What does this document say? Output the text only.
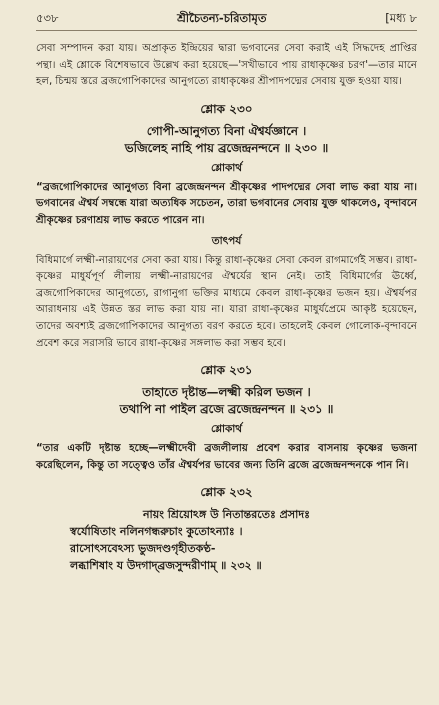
৫৩৮	শ্রীচৈতন্য-চরিতামৃত	[মধ্য ৮

সেবা সম্পাদন করা যায়। অপ্রাকৃত ইন্দ্রিয়ের দ্বারা ভগবানের সেবা করাই এই সিদ্ধদেহ প্রাপ্তির পন্থা। এই শ্লোকে বিশেষভাবে উল্লেখ করা হয়েছে—'সখীভাবে পায় রাধাকৃষ্ণের চরণ'—তার মানে হল, চিন্ময় স্তরে ব্রজগোপিকাদের আনুগত্যে রাধাকৃষ্ণের শ্রীপাদপদ্মের সেবায় যুক্ত হওয়া যায়।

শ্লোক ২৩০

গোপী-আনুগত্য বিনা ঐশ্বর্যজ্ঞানে ।

ভজিলেহ নাহি পায় ব্রজেন্দ্রনন্দনে ॥ ২৩০ ॥

শ্লোকার্থ

“ব্রজগোপিকাদের আনুগত্য বিনা ব্রজেন্দ্রনন্দন শ্রীকৃষ্ণের পাদপদ্মের সেবা লাভ করা যায় না। ভগবানের ঐশ্বর্য সম্বন্ধে যারা অত্যধিক সচেতন, তারা ভগবানের সেবায় যুক্ত থাকলেও, বৃন্দাবনে শ্রীকৃষ্ণের চরণাশ্রয় লাভ করতে পারেন না।

তাৎপর্য

বিধিমার্গে লক্ষ্মী-নারায়ণের সেবা করা যায়। কিন্তু রাধা-কৃষ্ণের সেবা কেবল রাগমার্গেই সম্ভব। রাধা-কৃষ্ণের মাধুর্যপূর্ণ লীলায় লক্ষ্মী-নারায়ণের ঐশ্বর্যের স্থান নেই। তাই বিধিমার্গের ঊর্ধ্বে, ব্রজগোপিকাদের আনুগত্যে, রাগানুগা ভক্তির মাধ্যমে কেবল রাধা-কৃষ্ণের ভজন হয়। ঐশ্বর্যপর আরাধনায় এই উন্নত স্তর লাভ করা যায় না। যারা রাধা-কৃষ্ণের মাধুর্যপ্রেমে আকৃষ্ট হয়েছেন, তাদের অবশ্যই ব্রজগোপিকাদের আনুগত্য বরণ করতে হবে। তাহলেই কেবল গোলোক-বৃন্দাবনে প্রবেশ করে সরাসরি ভাবে রাধা-কৃষ্ণের সঙ্গলাভ করা সম্ভব হবে।

শ্লোক ২৩১

তাহাতে দৃষ্টান্ত—লক্ষ্মী করিল ভজন ।

তথাপি না পাইল ব্রজে ব্রজেন্দ্রনন্দন ॥ ২৩১ ॥

শ্লোকার্থ

“তার একটি দৃষ্টান্ত হচ্ছে—লক্ষ্মীদেবী ব্রজলীলায় প্রবেশ করার বাসনায় কৃষ্ণের ভজনা করেছিলেন, কিন্তু তা সত্ত্বেও তাঁর ঐশ্বর্যপর ভাবের জন্য তিনি ব্রজে ব্রজেন্দ্রনন্দনকে পান নি।

শ্লোক ২৩২

নায়ং শ্রিয়োঽঙ্গ উ নিতান্তরতেঃ প্রসাদঃ

স্বর্যোষিতাং নলিনগন্ধরুচাং কুতোঽন্যাঃ ।

রাসোৎসবেঽস্য ভুজদণ্ডগৃহীতকণ্ঠ-

লব্ধাশিষাং য উদগাদ্‌ব্রজসুন্দরীণাম্‌ ॥ ২৩২ ॥
